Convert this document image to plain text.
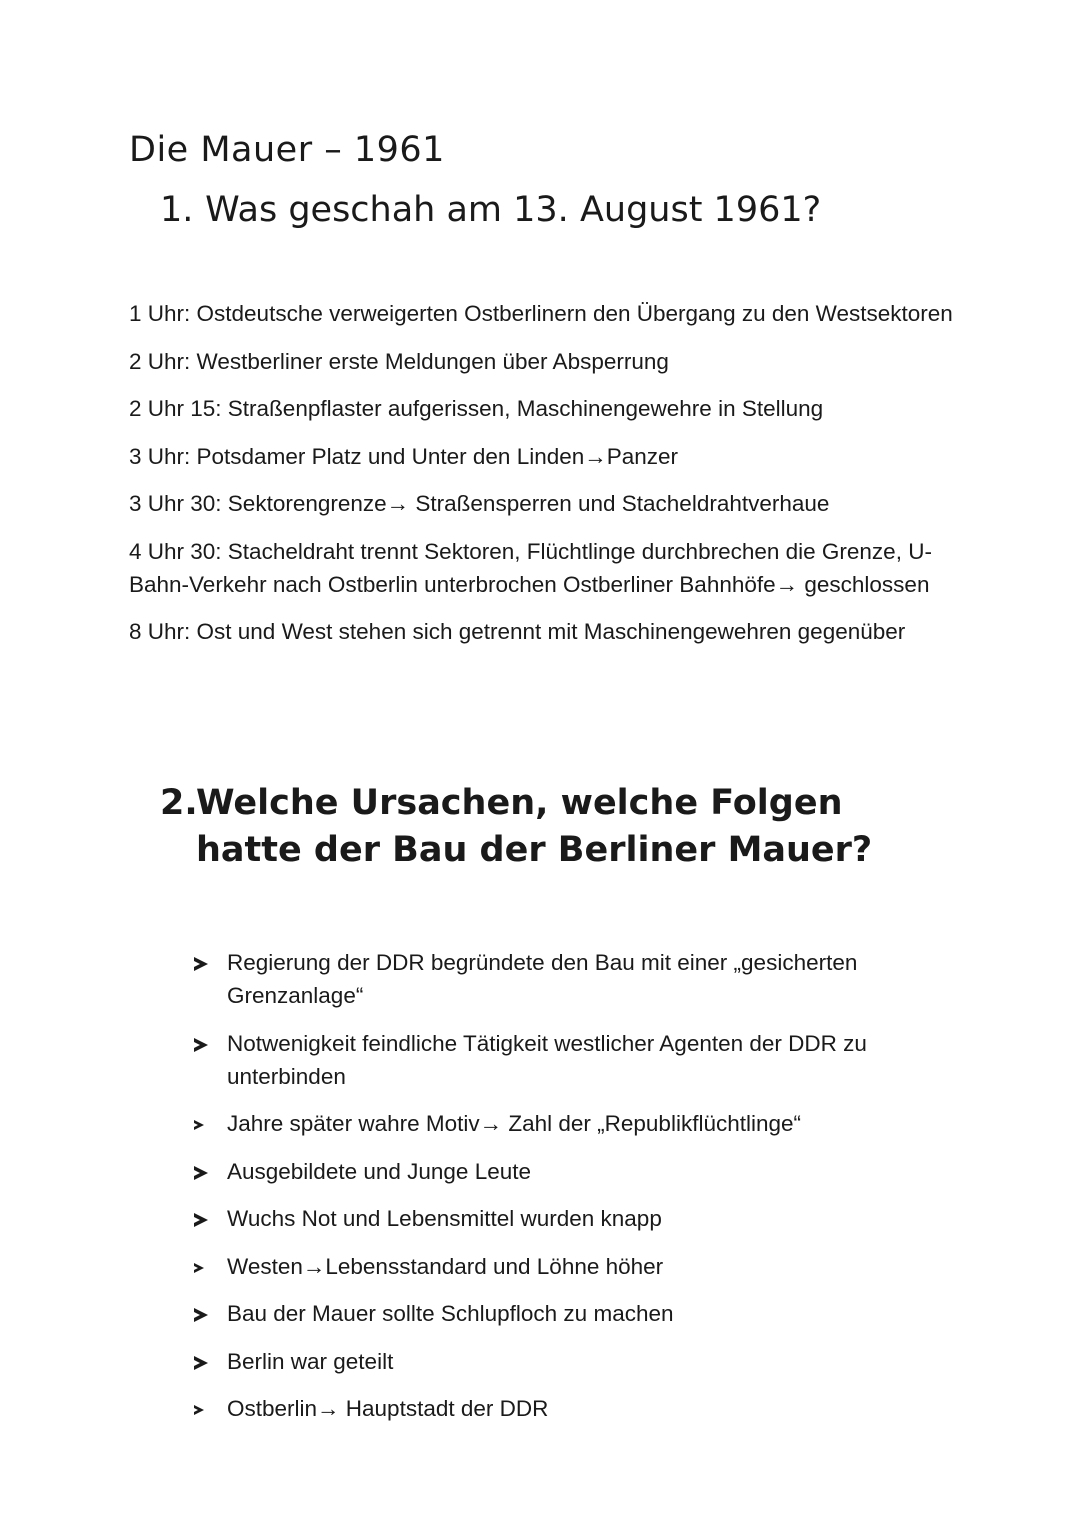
Die Mauer – 1961
1. Was geschah am 13. August 1961?
1 Uhr: Ostdeutsche verweigerten Ostberlinern den Übergang zu den Westsektoren
2 Uhr: Westberliner erste Meldungen über Absperrung
2 Uhr 15: Straßenpflaster aufgerissen, Maschinengewehre in Stellung
3 Uhr: Potsdamer Platz und Unter den Linden→Panzer
3 Uhr 30: Sektorengrenze→ Straßensperren und Stacheldrahtverhaue
4 Uhr 30: Stacheldraht trennt Sektoren, Flüchtlinge durchbrechen die Grenze, U-Bahn-Verkehr nach Ostberlin unterbrochen Ostberliner Bahnhöfe→ geschlossen
8 Uhr: Ost und West stehen sich getrennt mit Maschinengewehren gegenüber
2.Welche Ursachen, welche Folgen hatte der Bau der Berliner Mauer?
Regierung der DDR begründete den Bau mit einer „gesicherten Grenzanlage“
Notwenigkeit feindliche Tätigkeit westlicher Agenten der DDR zu unterbinden
Jahre später wahre Motiv→ Zahl der „Republikflüchtlinge“
Ausgebildete und Junge Leute
Wuchs Not und Lebensmittel wurden knapp
Westen→Lebensstandard und Löhne höher
Bau der Mauer sollte Schlupfloch zu machen
Berlin war geteilt
Ostberlin→ Hauptstadt der DDR
